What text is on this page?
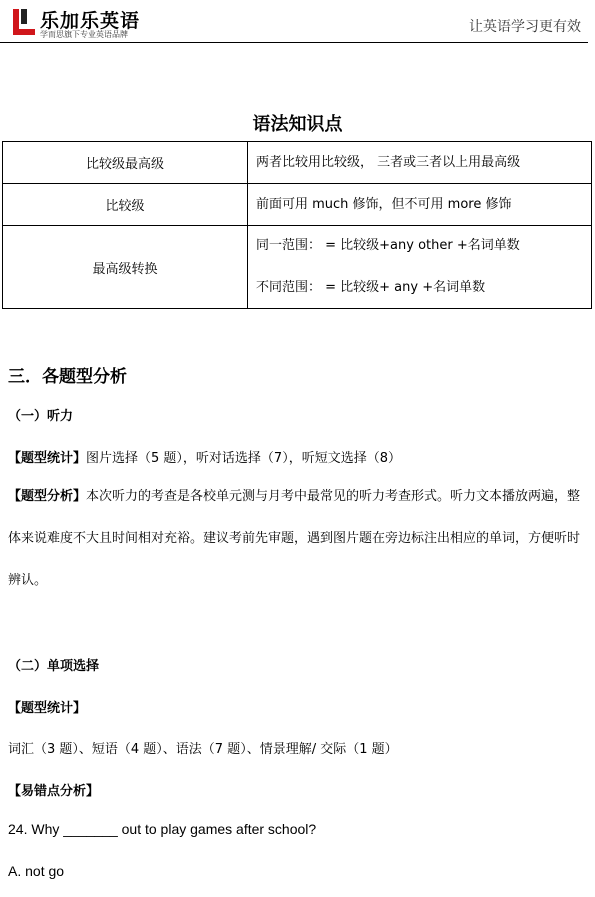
乐加乐英语
学而思旗下专业英语品牌	让英语学习更有效
语法知识点
比较级最高级	两者比较用比较级， 三者或三者以上用最高级

比较级	前面可用 much 修饰，但不可用 more 修饰

最高级转换	同一范围： = 比较级+any other +名词单数
不同范围： = 比较级+ any +名词单数
三．各题型分析
（一）听力
【题型统计】图片选择（5 题），听对话选择（7），听短文选择（8）
【题型分析】本次听力的考查是各校单元测与月考中最常见的听力考查形式。听力文本播放两遍，整体来说难度不大且时间相对充裕。建议考前先审题，遇到图片题在旁边标注出相应的单词，方便听时辨认。
（二）单项选择
【题型统计】
词汇（3 题）、短语（4 题）、语法（7 题）、情景理解/ 交际（1 题）
【易错点分析】
24. Why _______ out to play games after school?
A. not go
